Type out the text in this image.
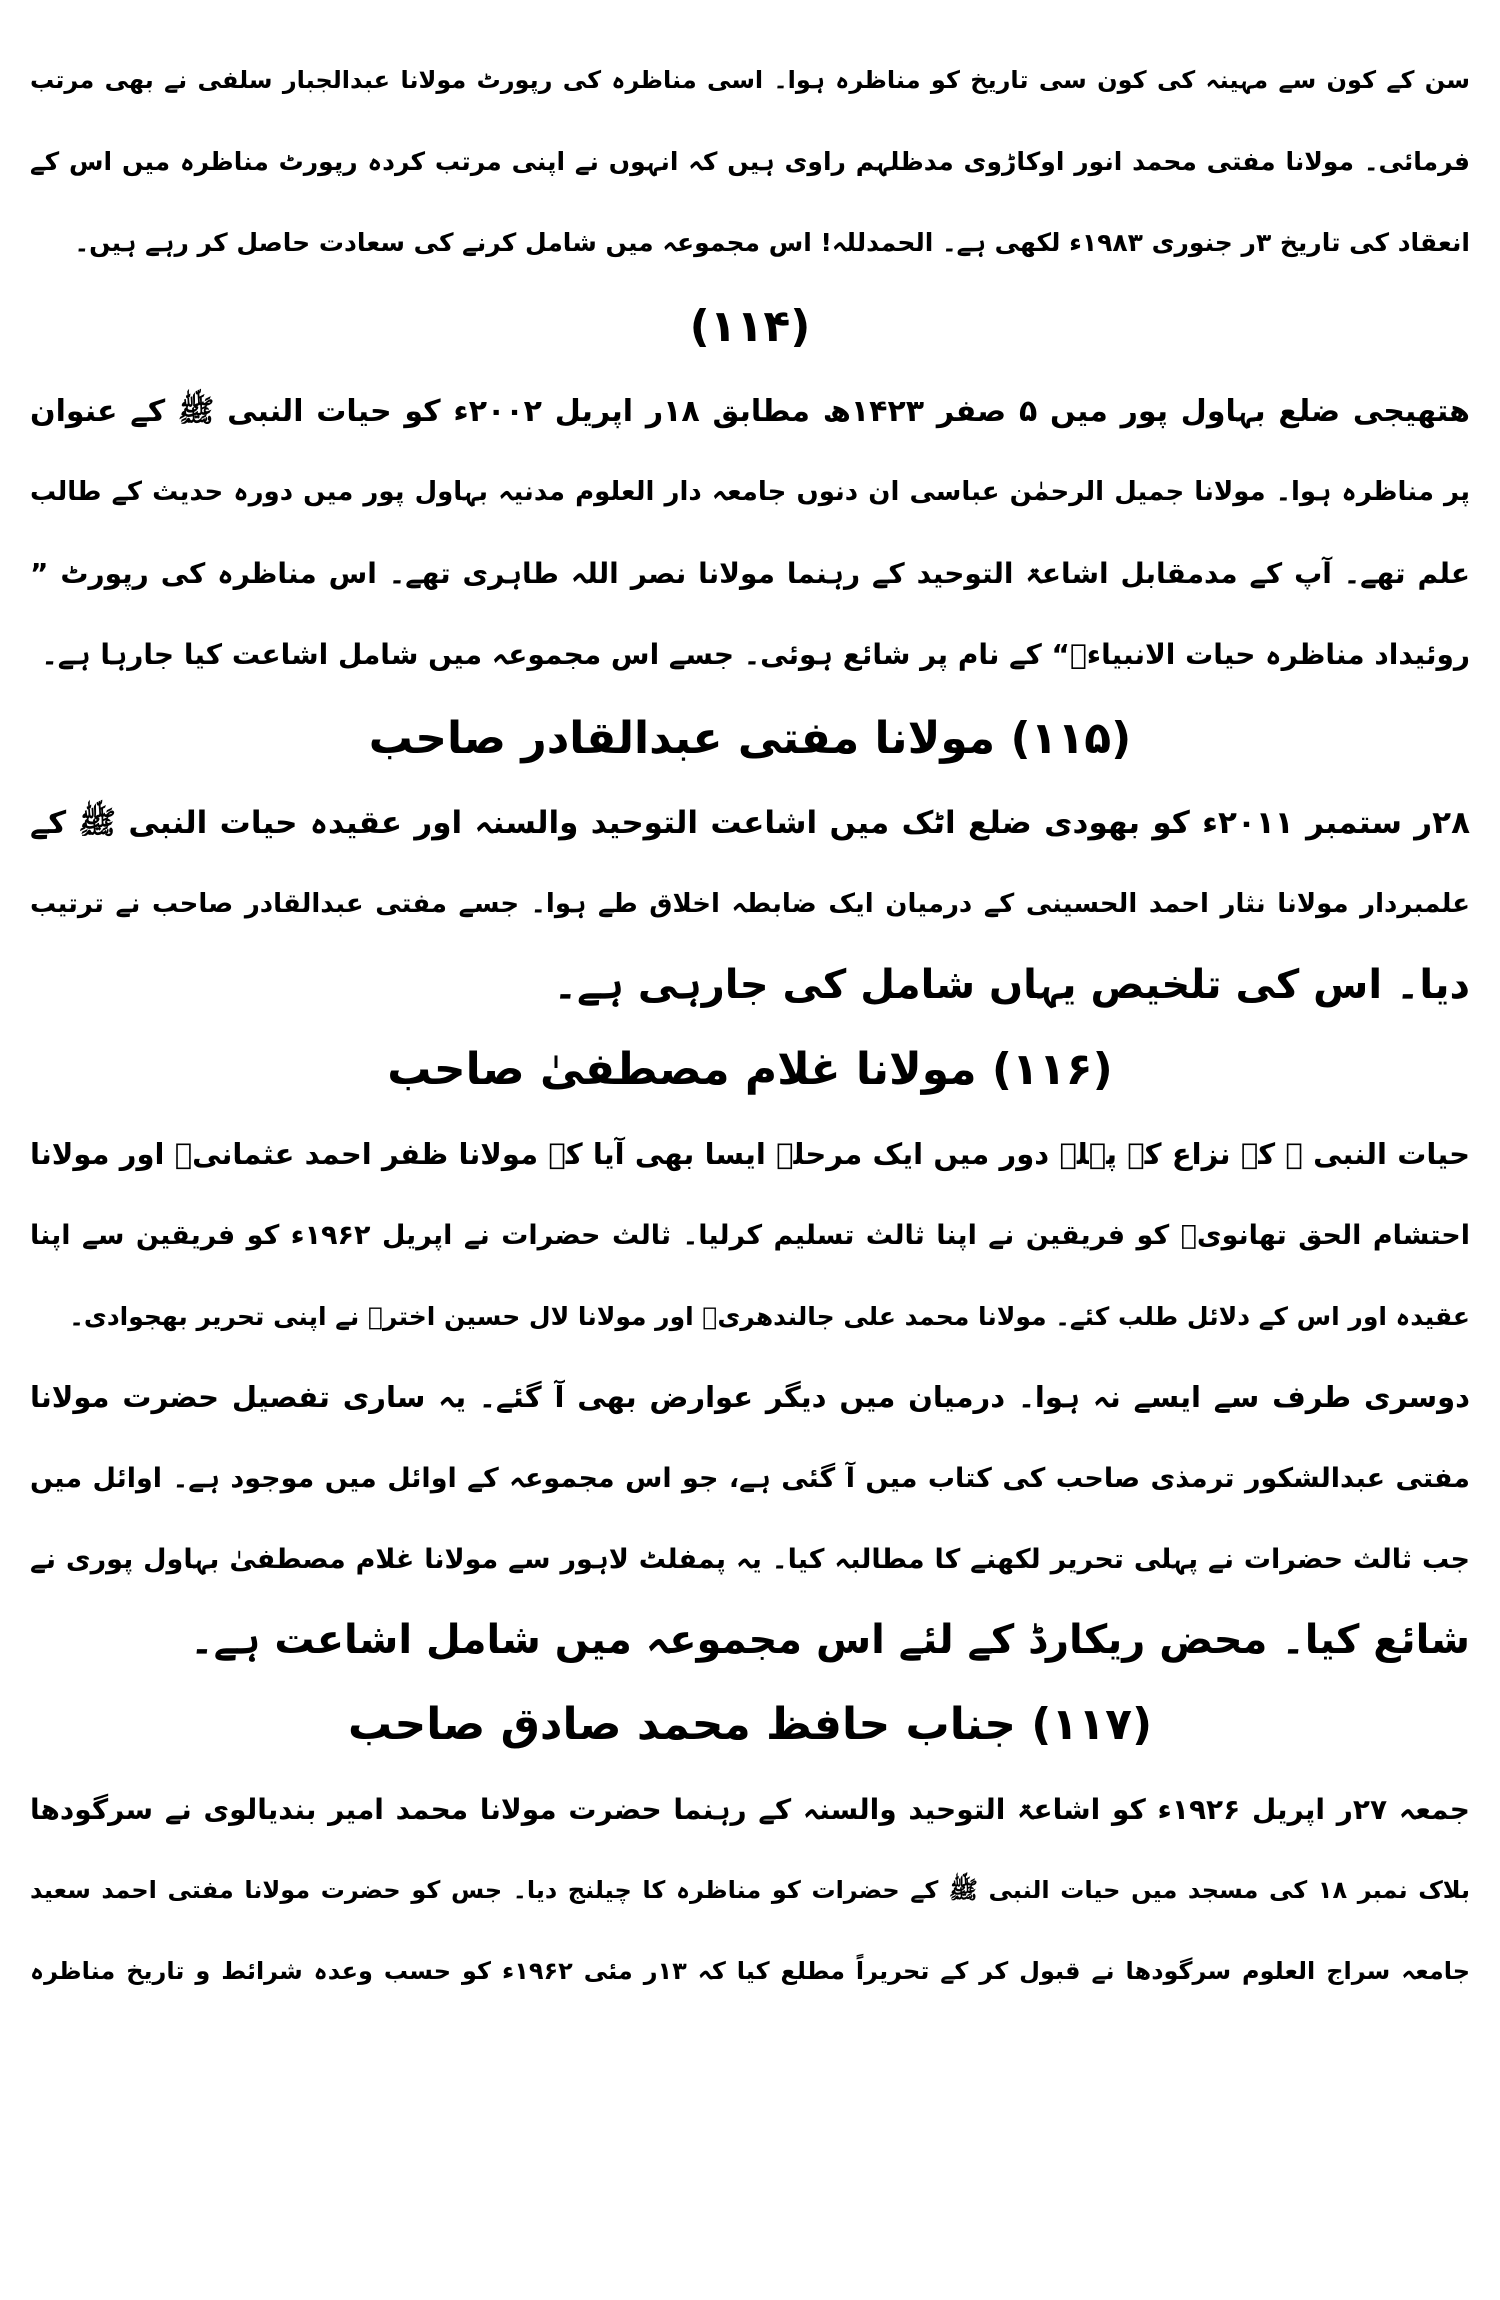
سن کے کون سے مہینہ کی کون سی تاریخ کو مناظرہ ہوا۔ اسی مناظرہ کی رپورٹ مولانا عبدالجبار سلفی نے بھی مرتب
فرمائی۔ مولانا مفتی محمد انور اوکاڑوی مدظلہم راوی ہیں کہ انہوں نے اپنی مرتب کردہ رپورٹ مناظرہ میں اس کے
انعقاد کی تاریخ ۳ر جنوری ۱۹۸۳ء لکھی ہے۔ الحمدللہ! اس مجموعہ میں شامل کرنے کی سعادت حاصل کر رہے ہیں۔
(۱۱۴)
ھتھیجی ضلع بہاول پور میں ۵ صفر ۱۴۲۳ھ مطابق ۱۸ر اپریل ۲۰۰۲ء کو حیات النبی ﷺ کے عنوان
پر مناظرہ ہوا۔ مولانا جمیل الرحمٰن عباسی ان دنوں جامعہ دار العلوم مدنیہ بہاول پور میں دورہ حدیث کے طالب
علم تھے۔ آپ کے مدمقابل اشاعۃ التوحید کے رہنما مولانا نصر اللہ طاہری تھے۔ اس مناظرہ کی رپورٹ ”
روئیداد مناظرہ حیات الانبیاءؑ“ کے نام پر شائع ہوئی۔ جسے اس مجموعہ میں شامل اشاعت کیا جارہا ہے۔
(۱۱۵) مولانا مفتی عبدالقادر صاحب
۲۸ر ستمبر ۲۰۱۱ء کو بھودی ضلع اٹک میں اشاعت التوحید والسنہ اور عقیدہ حیات النبی ﷺ کے
علمبردار مولانا نثار احمد الحسینی کے درمیان ایک ضابطہ اخلاق طے ہوا۔ جسے مفتی عبدالقادر صاحب نے ترتیب
دیا۔ اس کی تلخیص یہاں شامل کی جارہی ہے۔
(۱۱۶) مولانا غلام مصطفیٰ صاحب
حیات النبی ﷺ کے نزاع کے پہلے دور میں ایک مرحلہ ایسا بھی آیا کہ مولانا ظفر احمد عثمانیؒ اور مولانا
احتشام الحق تھانویؒ کو فریقین نے اپنا ثالث تسلیم کرلیا۔ ثالث حضرات نے اپریل ۱۹۶۲ء کو فریقین سے اپنا
عقیدہ اور اس کے دلائل طلب کئے۔ مولانا محمد علی جالندھریؒ اور مولانا لال حسین اخترؒ نے اپنی تحریر بھجوادی۔
دوسری طرف سے ایسے نہ ہوا۔ درمیان میں دیگر عوارض بھی آ گئے۔ یہ ساری تفصیل حضرت مولانا
مفتی عبدالشکور ترمذی صاحب کی کتاب میں آ گئی ہے، جو اس مجموعہ کے اوائل میں موجود ہے۔ اوائل میں
جب ثالث حضرات نے پہلی تحریر لکھنے کا مطالبہ کیا۔ یہ پمفلٹ لاہور سے مولانا غلام مصطفیٰ بہاول پوری نے
شائع کیا۔ محض ریکارڈ کے لئے اس مجموعہ میں شامل اشاعت ہے۔
(۱۱۷) جناب حافظ محمد صادق صاحب
جمعہ ۲۷ر اپریل ۱۹۲۶ء کو اشاعۃ التوحید والسنہ کے رہنما حضرت مولانا محمد امیر بندیالوی نے سرگودھا
بلاک نمبر ۱۸ کی مسجد میں حیات النبی ﷺ کے حضرات کو مناظرہ کا چیلنج دیا۔ جس کو حضرت مولانا مفتی احمد سعید
جامعہ سراج العلوم سرگودھا نے قبول کر کے تحریراً مطلع کیا کہ ۱۳ر مئی ۱۹۶۲ء کو حسب وعدہ شرائط و تاریخ مناظرہ
